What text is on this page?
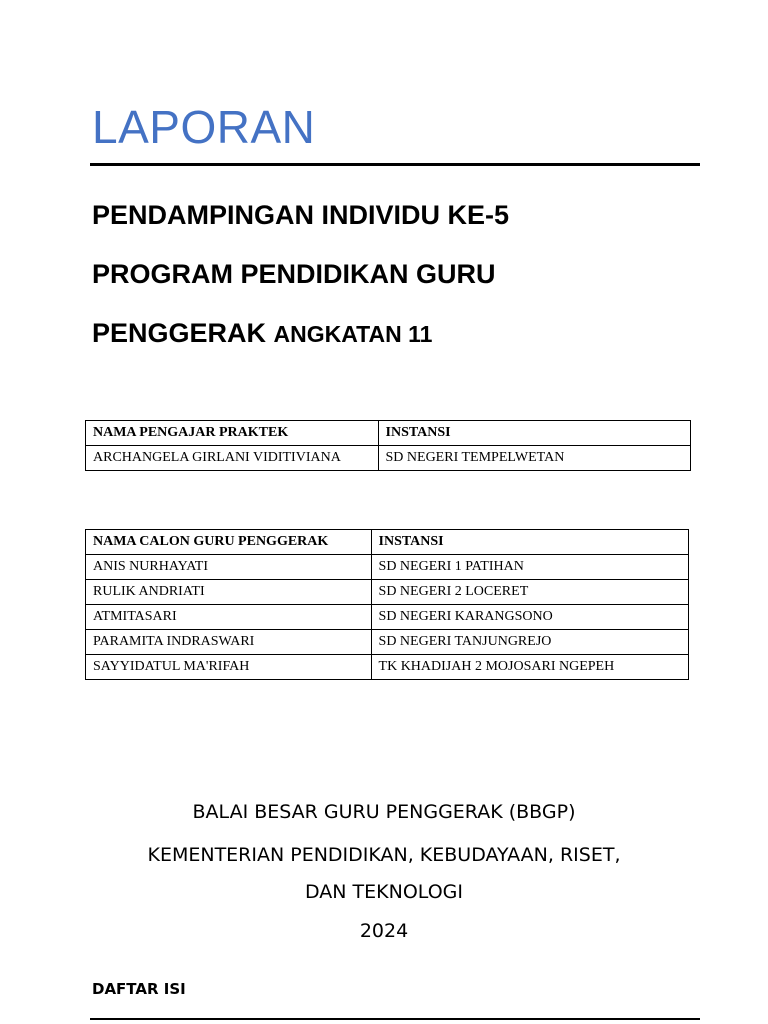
LAPORAN
PENDAMPINGAN INDIVIDU KE-5
PROGRAM PENDIDIKAN GURU
PENGGERAK ANGKATAN 11
NAMA PENGAJAR PRAKTEK	INSTANSI
ARCHANGELA GIRLANI VIDITIVIANA	SD NEGERI TEMPELWETAN
NAMA CALON GURU PENGGERAK	INSTANSI
ANIS NURHAYATI	SD NEGERI 1 PATIHAN
RULIK ANDRIATI	SD NEGERI 2 LOCERET
ATMITASARI	SD NEGERI KARANGSONO
PARAMITA INDRASWARI	SD NEGERI TANJUNGREJO
SAYYIDATUL MA'RIFAH	TK KHADIJAH 2 MOJOSARI NGEPEH

BALAI BESAR GURU PENGGERAK (BBGP)

KEMENTERIAN PENDIDIKAN, KEBUDAYAAN, RISET,

DAN TEKNOLOGI

2024

DAFTAR ISI
